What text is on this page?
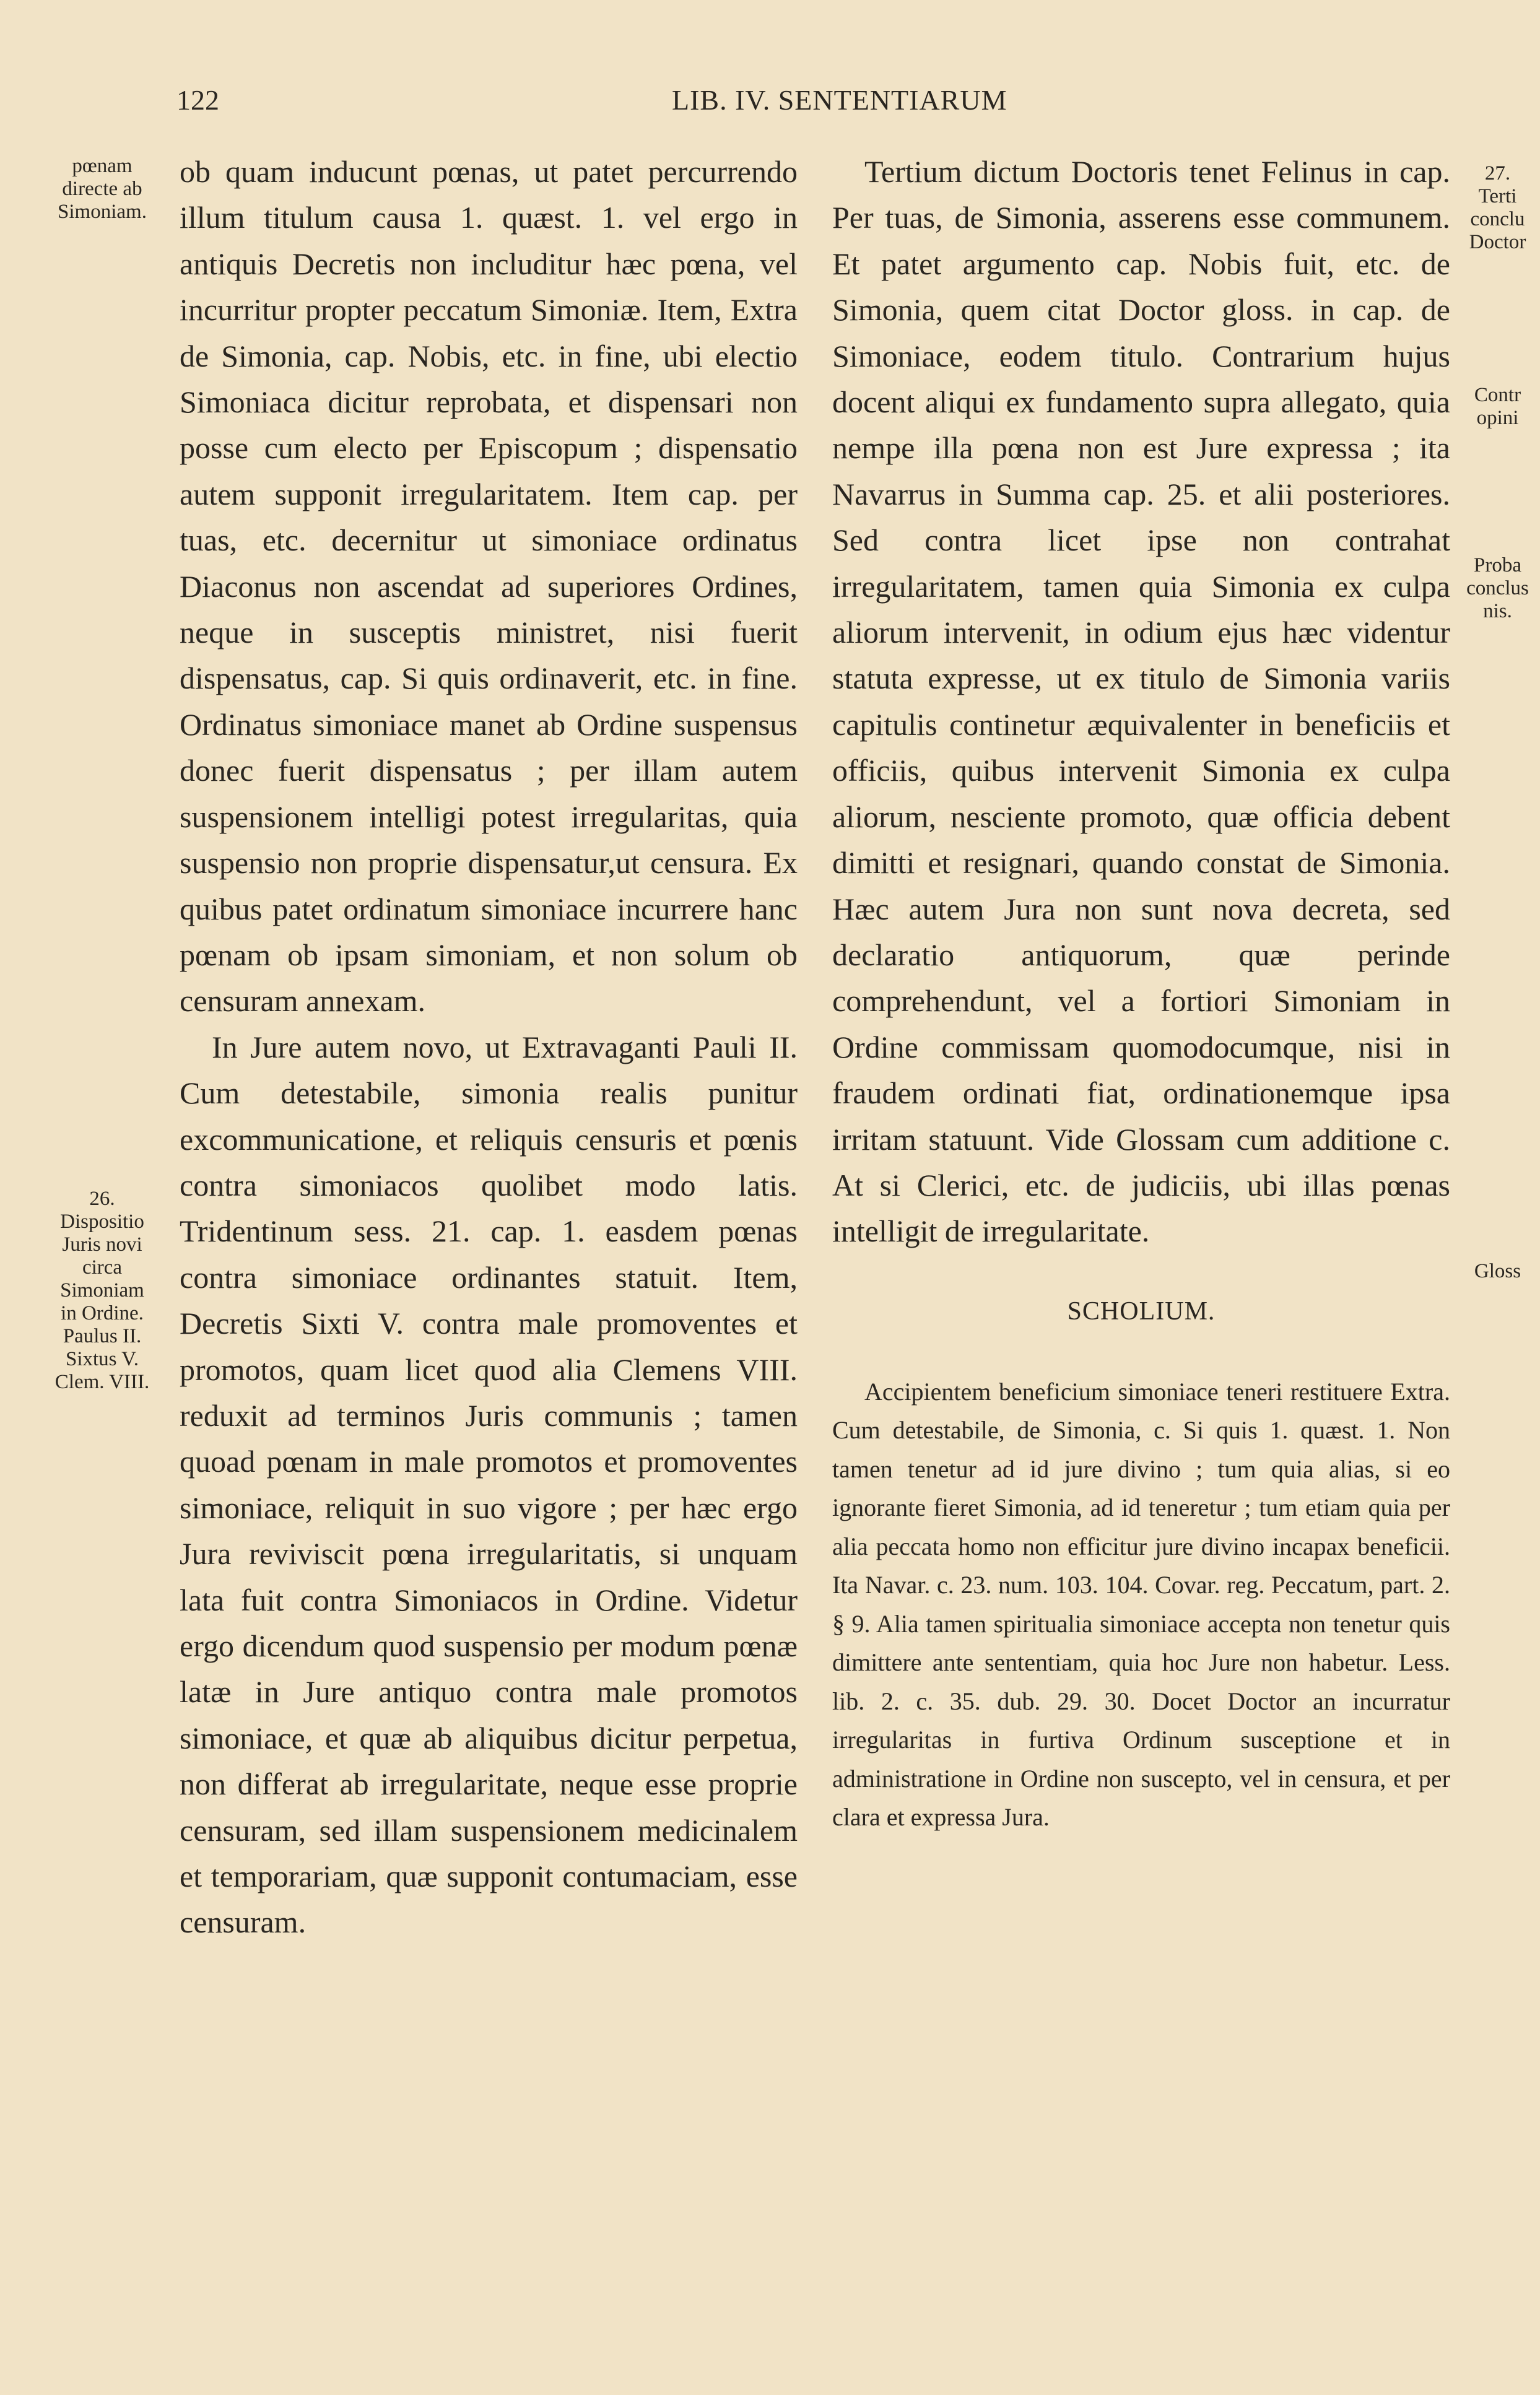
122	LIB. IV. SENTENTIARUM
pœnam
directe ab
Simoniam.
26.
Dispositio
Juris novi
circa
Simoniam
in Ordine.
Paulus II.
Sixtus V.
Clem. VIII.
27.
Terti
conclu
Doctor
Contr
opini
Proba
conclus
nis.
Gloss

ob quam inducunt pœnas, ut patet percurrendo illum titulum causa 1. quæst. 1. vel ergo in antiquis Decretis non includitur hæc pœna, vel incurritur propter peccatum Simoniæ. Item, Extra de Simonia, cap. Nobis, etc. in fine, ubi electio Simoniaca dicitur reprobata, et dispensari non posse cum electo per Episcopum ; dispensatio autem supponit irregularitatem. Item cap. per tuas, etc. decernitur ut simoniace ordinatus Diaconus non ascendat ad superiores Ordines, neque in susceptis ministret, nisi fuerit dispensatus, cap. Si quis ordinaverit, etc. in fine. Ordinatus simoniace manet ab Ordine suspensus donec fuerit dispensatus ; per illam autem suspensionem intelligi potest irregularitas, quia suspensio non proprie dispensatur,ut censura. Ex quibus patet ordinatum simoniace incurrere hanc pœnam ob ipsam simoniam, et non solum ob censuram annexam.

In Jure autem novo, ut Extravaganti Pauli II. Cum detestabile, simonia realis punitur excommunicatione, et reliquis censuris et pœnis contra simoniacos quolibet modo latis. Tridentinum sess. 21. cap. 1. easdem pœnas contra simoniace ordinantes statuit. Item, Decretis Sixti V. contra male promoventes et promotos, quam licet quod alia Clemens VIII. reduxit ad terminos Juris communis ; tamen quoad pœnam in male promotos et promoventes simoniace, reliquit in suo vigore ; per hæc ergo Jura reviviscit pœna irregularitatis, si unquam lata fuit contra Simoniacos in Ordine. Videtur ergo dicendum quod suspensio per modum pœnæ latæ in Jure antiquo contra male promotos simoniace, et quæ ab aliquibus dicitur perpetua, non differat ab irregularitate, neque esse proprie censuram, sed illam suspensionem medicinalem et temporariam, quæ supponit contumaciam, esse censuram.

Tertium dictum Doctoris tenet Felinus in cap. Per tuas, de Simonia, asserens esse communem. Et patet argumento cap. Nobis fuit, etc. de Simonia, quem citat Doctor gloss. in cap. de Simoniace, eodem titulo. Contrarium hujus docent aliqui ex fundamento supra allegato, quia nempe illa pœna non est Jure expressa ; ita Navarrus in Summa cap. 25. et alii posteriores. Sed contra licet ipse non contrahat irregularitatem, tamen quia Simonia ex culpa aliorum intervenit, in odium ejus hæc videntur statuta expresse, ut ex titulo de Simonia variis capitulis continetur æquivalenter in beneficiis et officiis, quibus intervenit Simonia ex culpa aliorum, nesciente promoto, quæ officia debent dimitti et resignari, quando constat de Simonia. Hæc autem Jura non sunt nova decreta, sed declaratio antiquorum, quæ perinde comprehendunt, vel a fortiori Simoniam in Ordine commissam quomodocumque, nisi in fraudem ordinati fiat, ordinationemque ipsa irritam statuunt. Vide Glossam cum additione c. At si Clerici, etc. de judiciis, ubi illas pœnas intelligit de irregularitate.

SCHOLIUM.

Accipientem beneficium simoniace teneri restituere Extra. Cum detestabile, de Simonia, c. Si quis 1. quæst. 1. Non tamen tenetur ad id jure divino ; tum quia alias, si eo ignorante fieret Simonia, ad id teneretur ; tum etiam quia per alia peccata homo non efficitur jure divino incapax beneficii. Ita Navar. c. 23. num. 103. 104. Covar. reg. Peccatum, part. 2. § 9. Alia tamen spiritualia simoniace accepta non tenetur quis dimittere ante sententiam, quia hoc Jure non habetur. Less. lib. 2. c. 35. dub. 29. 30. Docet Doctor an incurratur irregularitas in furtiva Ordinum susceptione et in administratione in Ordine non suscepto, vel in censura, et per clara et expressa Jura.
